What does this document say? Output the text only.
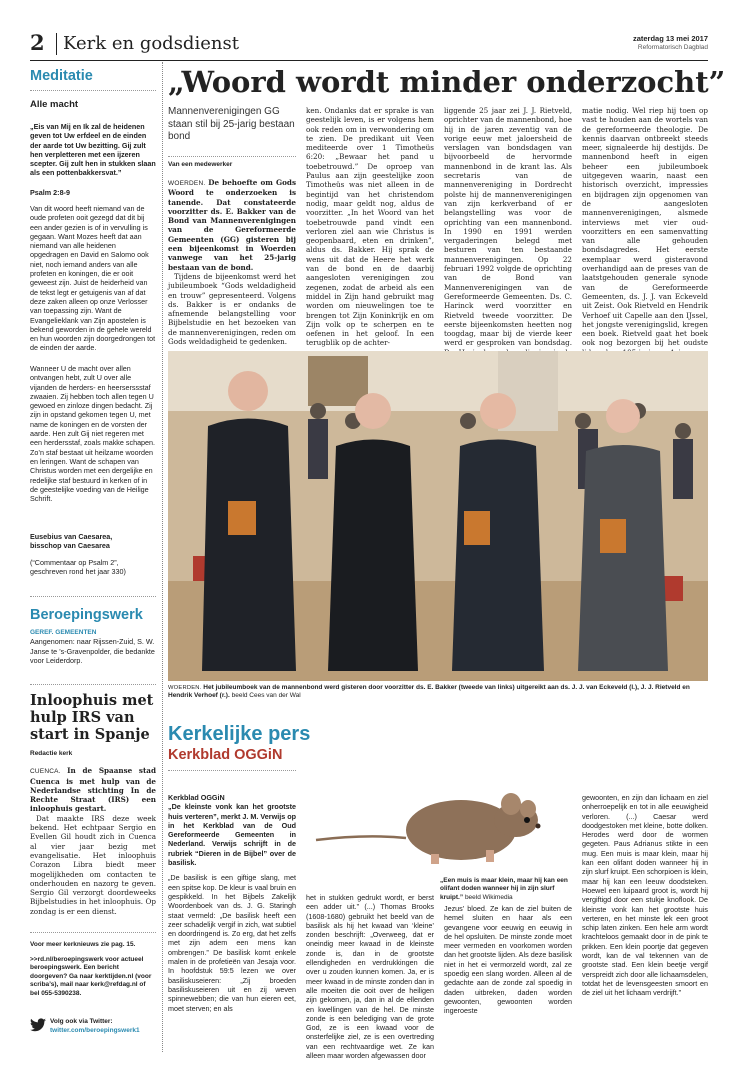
2 Kerk en godsdienst	zaterdag 13 mei 2017
Reformatorisch Dagblad
Meditatie
Alle macht
„Eis van Mij en Ik zal de heidenen geven tot Uw erfdeel en de einden der aarde tot Uw bezitting. Gij zult hen verpletteren met een ijzeren scepter. Gij zult hen in stukken slaan als een pottenbakkersvat.”
Psalm 2:8-9
Van dit woord heeft niemand van de oude profeten ooit gezegd dat dit bij een ander gezien is of in vervulling is gegaan. Want Mozes heeft dat aan niemand van alle heidenen opgedragen en David en Salomo ook niet, noch iemand anders van alle profeten en koningen, die er ooit geweest zijn. Juist de heiderheid van de tekst legt er getuigenis van af dat deze zaken alleen op onze Verlosser van toepassing zijn. Want de Evangelieklank van Zijn apostelen is bekend geworden in de gehele wereld en hun woorden zijn doorgedrongen tot de einden der aarde.
Wanneer U de macht over allen ontvangen hebt, zult U over alle vijanden de herders- en heerserssstaf zwaaien. Zij hebben toch allen tegen U gewoed en zinloze dingen bedacht. Zij zijn in opstand gekomen tegen U, met name de koningen en de vorsten der aarde. Hen zult Gij niet regeren met een herdersstaf, zoals makke schapen. Zo’n staf bestaat uit heilzame woorden en leringen. Want de schapen van Christus worden met een dergelijke en redelijke staf bestuurd in kerken of in de geestelijke voeding van de Heilige Schrift.
Eusebius van Caesarea,
bisschop van Caesarea
(“Commentaar op Psalm 2”, geschreven rond het jaar 330)
Beroepingswerk
GEREF. GEMEENTEN
Aangenomen: naar Rijssen-Zuid, S. W. Janse te ’s-Gravenpolder, die bedankte voor Leiderdorp.
Inloophuis met hulp IRS van start in Spanje
Redactie kerk

CUENCA. In de Spaanse stad Cuenca is met hulp van de Nederlandse stichting In de Rechte Straat (IRS) een inloophuis gestart.

Dat maakte IRS deze week bekend. Het echtpaar Sergio en Evellen Gil houdt zich in Cuenca al vier jaar bezig met evangelisatie. Het inloophuis Corazon Libra biedt meer mogelijkheden om contacten te onderhouden en nazorg te geven. Sergio Gil verzorgt doordeweeks Bijbelstudies in het inloophuis. Op zondag is er een dienst.

Voor meer kerknieuws zie pag. 15.
>>rd.nl/beroepingswerk voor actueel beroepingswerk. Een bericht doorgeven? Ga naar kerktijden.nl (voor scriba’s), mail naar kerk@refdag.nl of bel 055-5390238.
Volg ook via Twitter:
twitter.com/beroepingswerk1
„Woord wordt minder onderzocht”
Mannenverenigingen GG staan stil bij 25-jarig bestaan bond
Van een medewerker

WOERDEN. De behoefte om Gods Woord te onderzoeken is tanende. Dat constateerde voorzitter ds. E. Bakker van de Bond van Mannenverenigingen van de Gereformeerde Gemeenten (GG) gisteren bij een bijeenkomst in Woerden vanwege van het 25-jarig bestaan van de bond.

Tijdens de bijeenkomst werd het jubileumboek “Gods weldadigheid en trouw” gepresenteerd. Volgens ds. Bakker is er ondanks de afnemende belangstelling voor Bijbelstudie en het bezoeken van de mannenverenigingen, reden om Gods weldadigheid te gedenken.

ken. Ondanks dat er sprake is van geestelijk leven, is er volgens hem ook reden om in verwondering om te zien. De predikant uit Veen mediteerde over 1 Timotheüs 6:20: „Bewaar het pand u toebetrouwd.” De oproep van Paulus aan zijn geestelijke zoon Timotheüs was niet alleen in de begintijd van het christendom nodig, maar geldt nog, aldus de voorzitter. „In het Woord van het toebetrouwde pand vindt een verloren ziel aan wie Christus is geopenbaard, eten en drinken”, aldus ds. Bakker. Hij sprak de wens uit dat de Heere het werk van de bond en de daarbij aangesloten verenigingen zou zegenen, zodat de arbeid als een middel in Zijn hand gebruikt mag worden om nieuwelingen toe te brengen tot Zijn Koninkrijk en om Zijn volk op te scherpen en te oefenen in het geloof. In een terugblik op de achter-
liggende 25 jaar zei J. J. Rietveld, oprichter van de mannenbond, hoe hij in de jaren zeventig van de vorige eeuw met jaloersheid de verslagen van bondsdagen van bijvoorbeeld de hervormde mannenbond in de krant las. Als secretaris van de mannenvereniging in Dordrecht polste hij de mannenverenigingen van zijn kerkverband of er belangstelling was voor de oprichting van een mannenbond. In 1990 en 1991 werden vergaderingen belegd met besturen van ten bestaande mannenverenigingen. Op 22 februari 1992 volgde de oprichting van de Bond van Mannenverenigingen van de Gereformeerde Gemeenten. Ds. C. Harinck werd voorzitter en Rietveld tweede voorzitter. De eerste bijeenkomsten heetten nog toogdag, maar bij de vierde keer werd er gesproken van bondsdag.
matie nodig. Wel riep hij toen op vast te houden aan de wortels van de gereformeerde theologie. De kennis daarvan ontbreekt steeds meer, signaleerde hij destijds. De mannenbond heeft in eigen beheer een jubileumboek uitgegeven waarin, naast een historisch overzicht, impressies en bijdragen zijn opgenomen van de aangesloten mannenverenigingen, alsmede interviews met vier oud-voorzitters en een samenvatting van alle gehouden bondsdagredes. Het eerste exemplaar werd gisteravond overhandigd aan de preses van de laatstgehouden generale synode van de Gereformeerde Gemeenten, ds. J. J. van Eckeveld uit Zeist. Ook Rietveld en Hendrik Verhoef uit Capelle aan den IJssel, het jongste verenigingslid, kregen een boek. Rietveld gaat het boek ook nog bezorgen bij het oudste
WOERDEN. Het jubileumboek van de mannenbond werd gisteren door voorzitter ds. E. Bakker (tweede van links) uitgereikt aan ds. J. J. van Eckeveld (l.), J. J. Rietveld en Hendrik Verhoef (r.). beeld Cees van der Wal
Kerkelijke pers
Kerkblad OGGiN

Kerkblad OGGiN

„De kleinste vonk kan het grootste huis verteren”, merkt J. M. Verwijs op in het Kerkblad van de Oud Gereformeerde Gemeenten in Nederland. Verwijs schrijft in de rubriek “Dieren in de Bijbel” over de basilisk.

„De basilisk is een giftige slang, met een spitse kop. De kleur is vaal bruin en gespikkeld. In het Bijbels Zakelijk Woordenboek van ds. J. G. Staringh staat vermeld: „De basilisk heeft een zeer schadelijk vergif in zich, wat subtiel en doordringend is. Zo erg, dat het zelfs met zijn adem een mens kan ombrengen.” De basilisk komt enkele malen in de profetieën van Jesaja voor. In hoofdstuk 59:5 lezen we over basiliskuseieren: „Zij broeden basiliskuseieren uit en zij weven spinnewebben; die van hun eieren eet, moet sterven; en als

„Een muis is maar klein, maar hij kan een olifant doden wanneer hij in zijn slurf kruipt.” beeld Wikimedia
het in stukken gedrukt wordt, er berst een adder uit.” (...) Thomas Brooks (1608-1680) gebruikt het beeld van de basilisk als hij het kwaad van ‘kleine’ zonden beschrijft: „Overweeg, dat er oneindig meer kwaad in de kleinste zonde is, dan in de grootste ellendigheden en verdrukkingen die over u zouden kunnen komen. Ja, er is meer kwaad in de minste zonden dan in alle moeiten die ooit over de heiligen zijn gekomen, ja, dan in al de ellenden en kwellingen van de hel. De minste zonde is een belediging van de grote God, ze is een kwaad voor de onsterfelijke ziel, ze is een overtreding van een rechtvaardige wet. Ze kan alleen maar worden afgewassen door
Jezus’ bloed. Ze kan de ziel buiten de hemel sluiten en haar als een gevangene voor eeuwig en eeuwig in de hel opsluiten. De minste zonde moet meer vermeden en voorkomen worden dan het grootste lijden. Als deze basilisk niet in het ei vermorzeld wordt, zal ze spoedig een slang worden. Alleen al de gedachte aan de zonde zal spoedig in daden uitbreken, daden worden gewoonten, gewoonten worden ingeroeste
gewoonten, en zijn dan lichaam en ziel onherroepelijk en tot in alle eeuwigheid verloren. (...) Caesar werd doodgestoken met kleine, botte dolken. Herodes werd door de wormen gegeten. Paus Adrianus stikte in een mug. Een muis is maar klein, maar hij kan een olifant doden wanneer hij in zijn slurf kruipt. Een schorpioen is klein, maar hij kan een leeuw doodsteken. Hoewel een luipaard groot is, wordt hij vergiftigd door een stukje knoflook. De kleinste vonk kan het grootste huis verteren, en het minste lek een groot schip laten zinken. Een hele arm wordt krachteloos gemaakt door in de pink te prikken. Een klein poortje dat gegeven wordt, kan de val tekennen van de grootste stad. Een klein beetje vergif verspreidt zich door alle lichaamsdelen, totdat het de levensgeesten smoort en de ziel uit het lichaam verdrijft.”
